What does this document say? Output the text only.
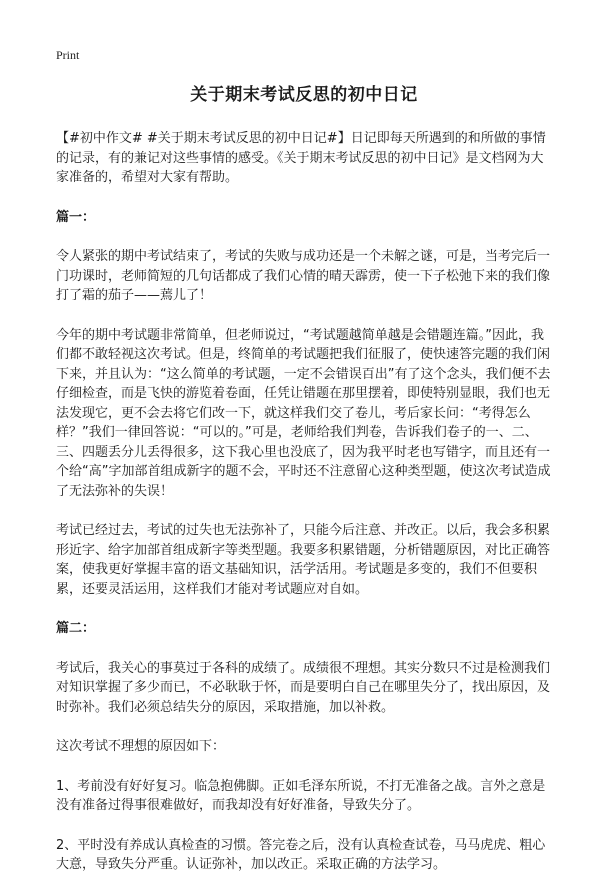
Print
关于期末考试反思的初中日记

【#初中作文# #关于期末考试反思的初中日记#】日记即每天所遇到的和所做的事情的记录，有的兼记对这些事情的感受。《关于期末考试反思的初中日记》是文档网为大家准备的，希望对大家有帮助。

篇一：

令人紧张的期中考试结束了，考试的失败与成功还是一个未解之谜，可是，当考完后一门功课时，老师简短的几句话都成了我们心情的晴天霹雳，使一下子松弛下来的我们像打了霜的茄子——蔫儿了！

今年的期中考试题非常简单，但老师说过，“考试题越简单越是会错题连篇。”因此，我们都不敢轻视这次考试。但是，终简单的考试题把我们征服了，使快速答完题的我们闲下来，并且认为：“这么简单的考试题，一定不会错误百出”有了这个念头，我们便不去仔细检查，而是飞快的游览着卷面，任凭让错题在那里摆着，即使特别显眼，我们也无法发现它，更不会去将它们改一下，就这样我们交了卷儿，考后家长问：“考得怎么样？”我们一律回答说：“可以的。”可是，老师给我们判卷，告诉我们卷子的一、二、三、四题丢分儿丢得很多，这下我心里也没底了，因为我平时老也写错字，而且还有一个给“高”字加部首组成新字的题不会，平时还不注意留心这种类型题，使这次考试造成了无法弥补的失误！

考试已经过去，考试的过失也无法弥补了，只能今后注意、并改正。以后，我会多积累形近字、给字加部首组成新字等类型题。我要多积累错题，分析错题原因，对比正确答案，使我更好掌握丰富的语文基础知识，活学活用。考试题是多变的，我们不但要积累，还要灵活运用，这样我们才能对考试题应对自如。

篇二：

考试后，我关心的事莫过于各科的成绩了。成绩很不理想。其实分数只不过是检测我们对知识掌握了多少而已，不必耿耿于怀，而是要明白自己在哪里失分了，找出原因，及时弥补。我们必须总结失分的原因，采取措施，加以补救。

这次考试不理想的原因如下：

1、考前没有好好复习。临急抱佛脚。正如毛泽东所说，不打无准备之战。言外之意是没有准备过得事很难做好，而我却没有好好准备，导致失分了。

2、平时没有养成认真检查的习惯。答完卷之后，没有认真检查试卷，马马虎虎、粗心大意，导致失分严重。认证弥补，加以改正。采取正确的方法学习。
